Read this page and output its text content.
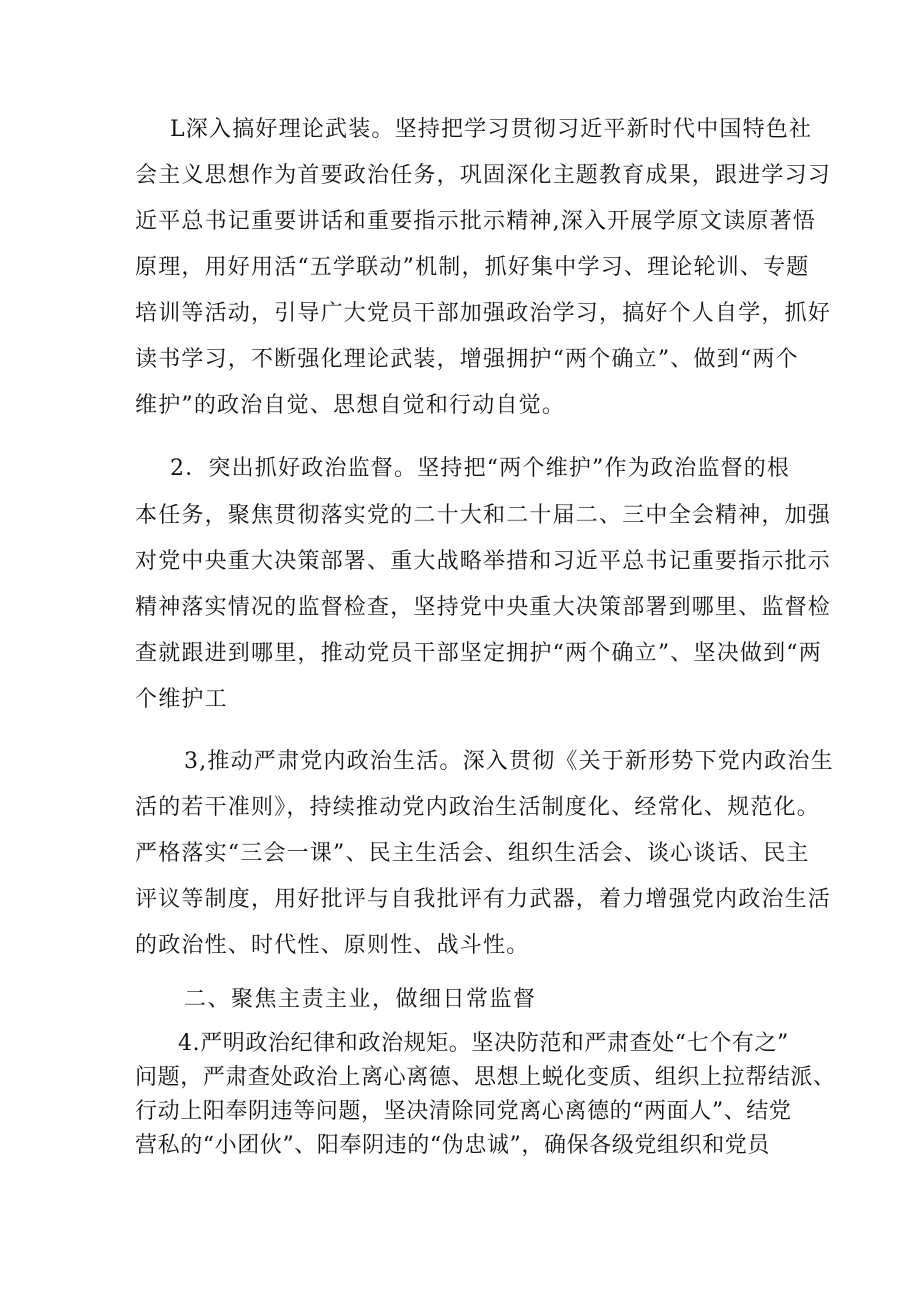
L深入搞好理论武装。坚持把学习贯彻习近平新时代中国特色社
会主义思想作为首要政治任务，巩固深化主题教育成果，跟进学习习
近平总书记重要讲话和重要指示批示精神,深入开展学原文读原著悟
原理，用好用活“五学联动”机制，抓好集中学习、理论轮训、专题
培训等活动，引导广大党员干部加强政治学习，搞好个人自学，抓好
读书学习，不断强化理论武装，增强拥护“两个确立”、做到“两个
维护”的政治自觉、思想自觉和行动自觉。
2．突出抓好政治监督。坚持把“两个维护”作为政治监督的根
本任务，聚焦贯彻落实党的二十大和二十届二、三中全会精神，加强
对党中央重大决策部署、重大战略举措和习近平总书记重要指示批示
精神落实情况的监督检查，坚持党中央重大决策部署到哪里、监督检
查就跟进到哪里，推动党员干部坚定拥护“两个确立”、坚决做到“两
个维护工
3,推动严肃党内政治生活。深入贯彻《关于新形势下党内政治生
活的若干准则》，持续推动党内政治生活制度化、经常化、规范化。
严格落实“三会一课”、民主生活会、组织生活会、谈心谈话、民主
评议等制度，用好批评与自我批评有力武器，着力增强党内政治生活
的政治性、时代性、原则性、战斗性。
二、聚焦主责主业，做细日常监督
4.严明政治纪律和政治规矩。坚决防范和严肃查处“七个有之”
问题，严肃查处政治上离心离德、思想上蜕化变质、组织上拉帮结派、
行动上阳奉阴违等问题，坚决清除同党离心离德的“两面人”、结党
营私的“小团伙”、阳奉阴违的“伪忠诚”，确保各级党组织和党员
